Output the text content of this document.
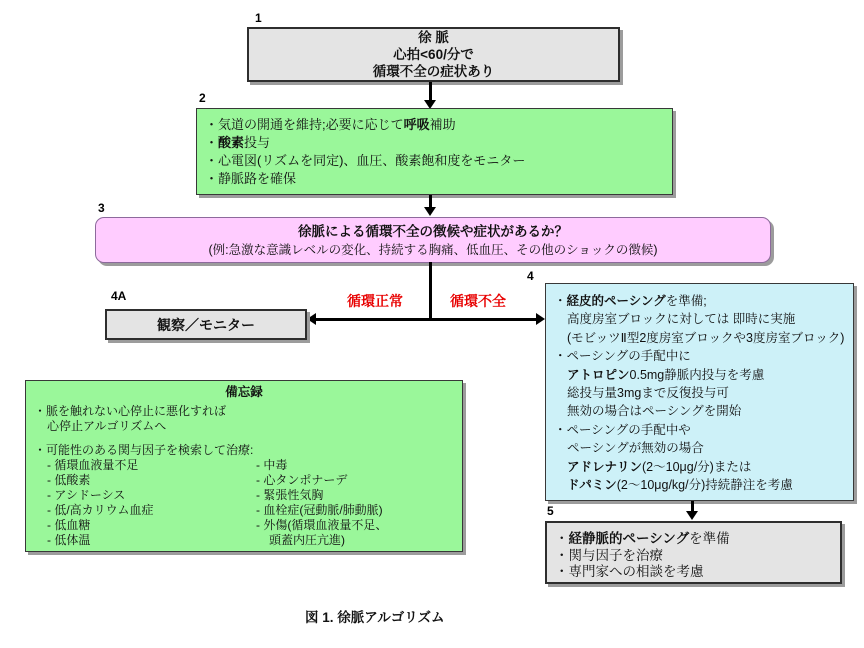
1
2
3
4A
4
5
徐 脈
心拍<60/分で
循環不全の症状あり
・気道の開通を維持;必要に応じて呼吸補助
・酸素投与
・心電図(リズムを同定)、血圧、酸素飽和度をモニター
・静脈路を確保
徐脈による循環不全の徴候や症状があるか？
(例:急激な意識レベルの変化、持続する胸痛、低血圧、その他のショックの徴候)
循環正常	循環不全
観察／モニター
・経皮的ペーシングを準備;
高度房室ブロックに対しては 即時に実施
(モビッツⅡ型2度房室ブロックや3度房室ブロック)
・ペーシングの手配中に
アトロピン0.5mg静脈内投与を考慮
総投与量3mgまで反復投与可
無効の場合はペーシングを開始
・ペーシングの手配中や
ペーシングが無効の場合
アドレナリン(2～10μg/分)または
ドパミン(2～10μg/kg/分)持続静注を考慮
・経静脈的ペーシングを準備
・関与因子を治療
・専門家への相談を考慮
備忘録
・脈を触れない心停止に悪化すれば
心停止アルゴリズムへ
・可能性のある関与因子を検索して治療:
- 循環血液量不足
- 低酸素
- アシドーシス
- 低/高カリウム血症
- 低血糖
- 低体温
- 中毒
- 心タンポナーデ
- 緊張性気胸
- 血栓症(冠動脈/肺動脈)
- 外傷(循環血液量不足、
頭蓋内圧亢進)
図 1. 徐脈アルゴリズム
